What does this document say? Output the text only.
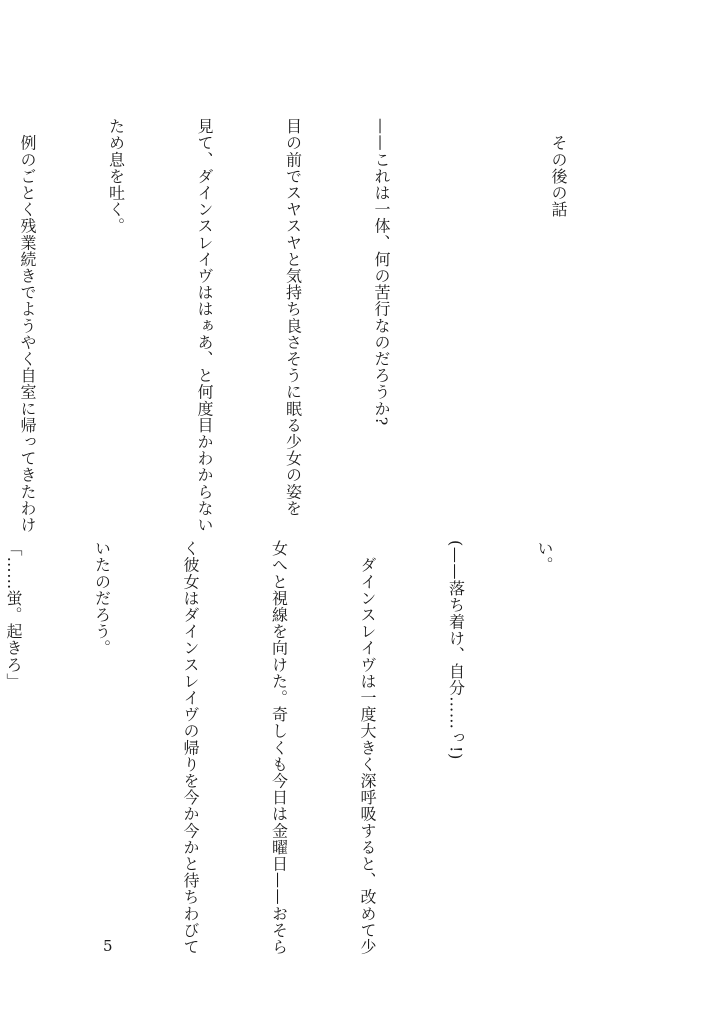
　その後の話

——これは一体、何の苦行なのだろうか?

目の前でスヤスヤと気持ち良さそうに眠る少女の姿を

見て、ダインスレイヴははぁあ、と何度目かわからない

ため息を吐く。

　例のごとく残業続きでようやく自室に帰ってきたわけ

い。

(——落ち着け、自分……っ!)

　ダインスレイヴは一度大きく深呼吸すると、改めて少

女へと視線を向けた。奇しくも今日は金曜日——おそら

く彼女はダインスレイヴの帰りを今か今かと待ちわびて

いたのだろう。

「……蛍。起きろ」

5
